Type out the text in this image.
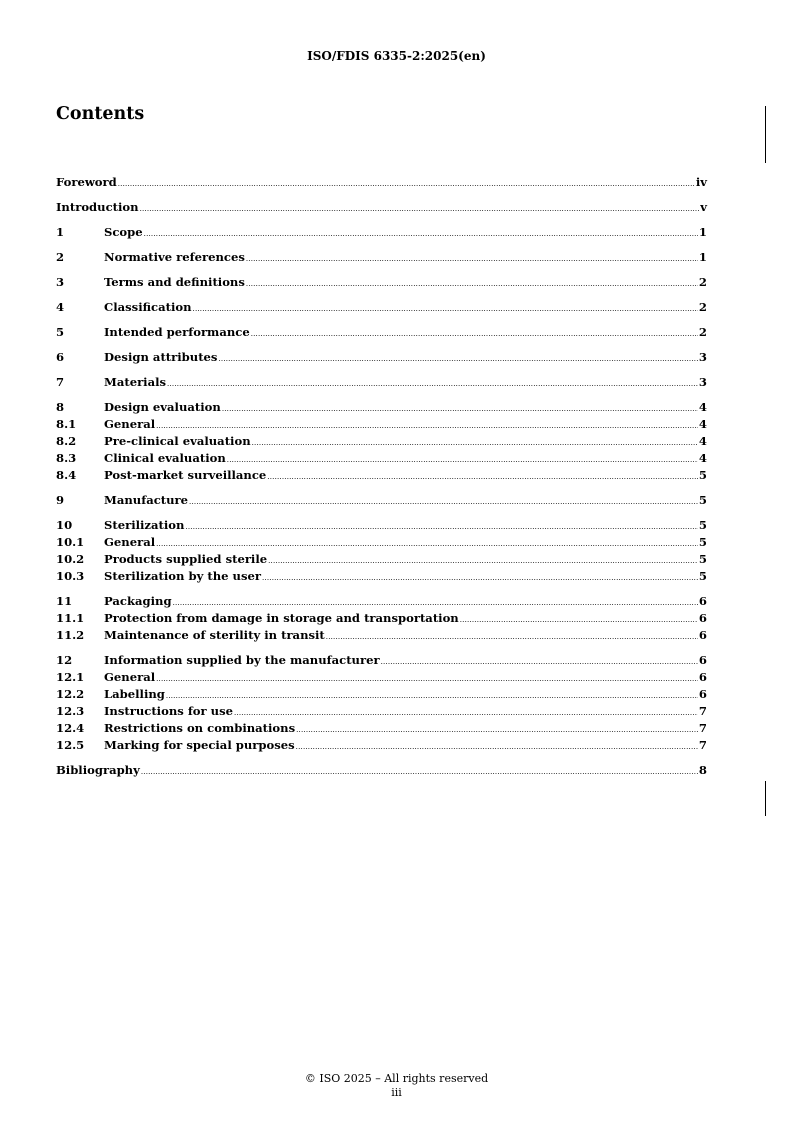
ISO/FDIS 6335-2:2025(en)
Contents
Foreword .....	iv
Introduction .....	v
1	Scope .....	1
2	Normative references .....	1
3	Terms and definitions .....	2
4	Classification .....	2
5	Intended performance .....	2
6	Design attributes .....	3
7	Materials .....	3
8	Design evaluation .....	4
8.1	General .....	4
8.2	Pre-clinical evaluation .....	4
8.3	Clinical evaluation .....	4
8.4	Post-market surveillance .....	5
9	Manufacture .....	5
10	Sterilization .....	5
10.1	General .....	5
10.2	Products supplied sterile .....	5
10.3	Sterilization by the user .....	5
11	Packaging .....	6
11.1	Protection from damage in storage and transportation .....	6
11.2	Maintenance of sterility in transit .....	6
12	Information supplied by the manufacturer .....	6
12.1	General .....	6
12.2	Labelling .....	6
12.3	Instructions for use .....	7
12.4	Restrictions on combinations .....	7
12.5	Marking for special purposes .....	7
Bibliography .....	8
© ISO 2025 – All rights reserved
iii
